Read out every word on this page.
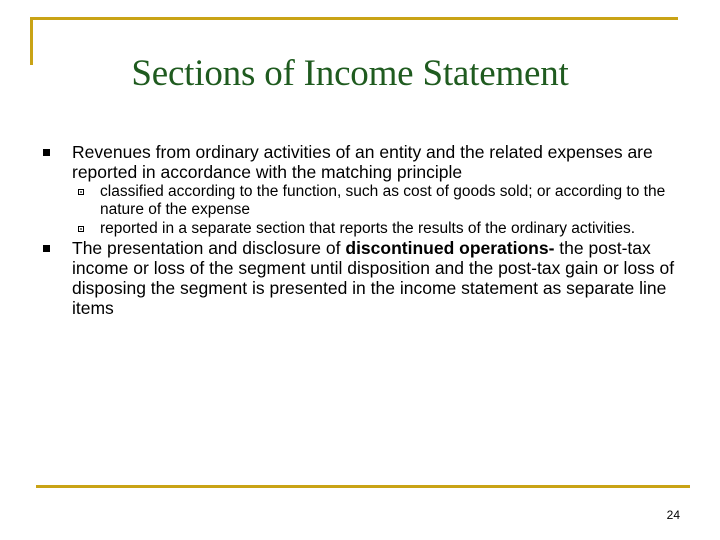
Sections of Income Statement
Revenues from ordinary activities of an entity and the related expenses are reported in accordance with the matching principle
classified according to the function, such as cost of goods sold; or according to the nature of the expense
reported in a separate section that reports the results of the ordinary activities.
The presentation and disclosure of discontinued operations- the post-tax income or loss of the segment until disposition and the post-tax gain or loss of disposing the segment is presented in the income statement as separate line items
24
